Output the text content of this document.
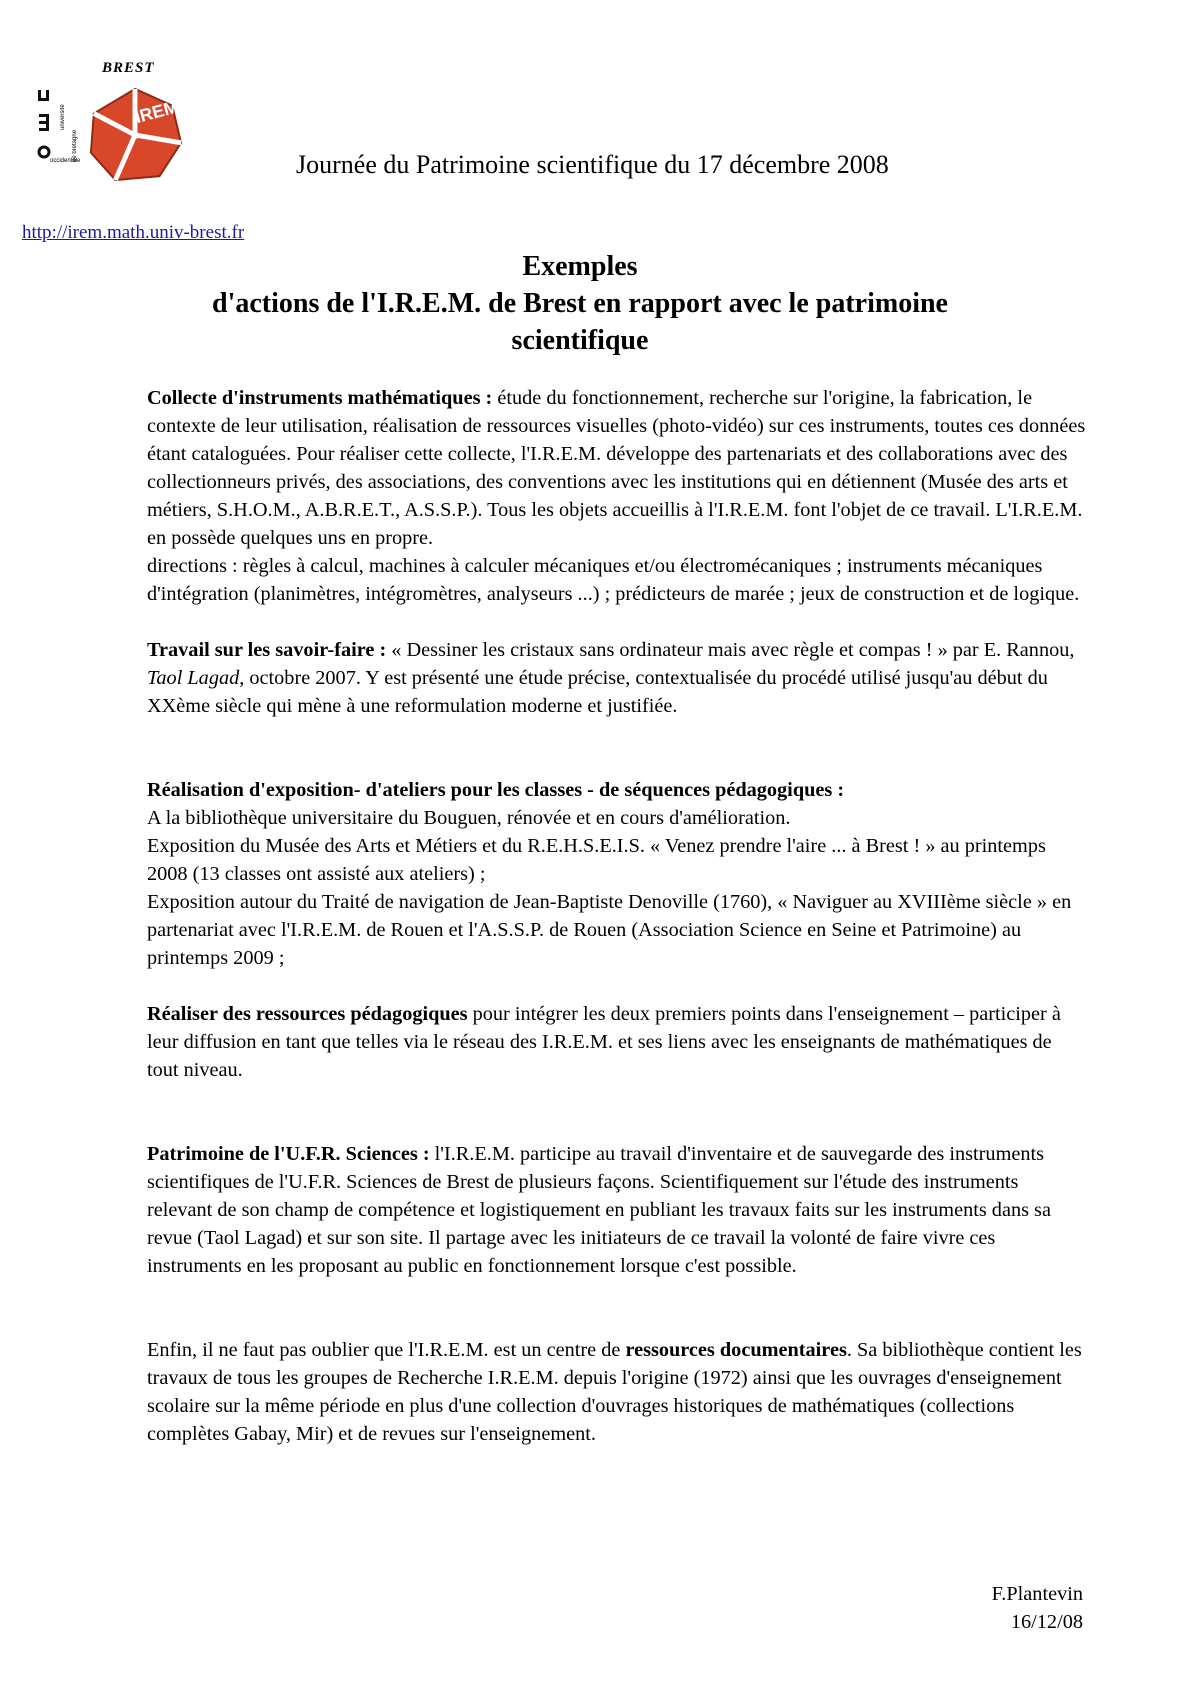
BREST
université
de bretagne
occidentale
IREM
Journée du Patrimoine scientifique du 17 décembre 2008
http://irem.math.univ-brest.fr
Exemples
d'actions de l'I.R.E.M. de Brest en rapport avec le patrimoine
scientifique

Collecte d'instruments mathématiques : étude du fonctionnement, recherche sur l'origine, la fabrication, le contexte de leur utilisation, réalisation de ressources visuelles (photo-vidéo) sur ces instruments, toutes ces données étant cataloguées. Pour réaliser cette collecte, l'I.R.E.M. développe des partenariats et des collaborations avec des collectionneurs privés, des associations, des conventions avec les institutions qui en détiennent (Musée des arts et métiers, S.H.O.M., A.B.R.E.T., A.S.S.P.). Tous les objets accueillis à l'I.R.E.M. font l'objet de ce travail. L'I.R.E.M. en possède quelques uns en propre.

directions : règles à calcul, machines à calculer mécaniques et/ou électromécaniques ; instruments mécaniques d'intégration (planimètres, intégromètres, analyseurs ...) ; prédicteurs de marée ; jeux de construction et de logique.

Travail sur les savoir-faire : « Dessiner les cristaux sans ordinateur mais avec règle et compas ! » par E. Rannou, Taol Lagad, octobre 2007. Y est présenté une étude précise, contextualisée du procédé utilisé jusqu'au début du XXème siècle qui mène à une reformulation moderne et justifiée.

Réalisation d'exposition- d'ateliers pour les classes - de séquences pédagogiques :

A la bibliothèque universitaire du Bouguen, rénovée et en cours d'amélioration.

Exposition du Musée des Arts et Métiers et du R.E.H.S.E.I.S. « Venez prendre l'aire ... à Brest ! » au printemps 2008 (13 classes ont assisté aux ateliers) ;

Exposition autour du Traité de navigation de Jean-Baptiste Denoville (1760), « Naviguer au XVIIIème siècle » en partenariat avec l'I.R.E.M. de Rouen et l'A.S.S.P. de Rouen (Association Science en Seine et Patrimoine) au printemps 2009 ;

Réaliser des ressources pédagogiques pour intégrer les deux premiers points dans l'enseignement – participer à leur diffusion en tant que telles via le réseau des I.R.E.M. et ses liens avec les enseignants de mathématiques de tout niveau.

Patrimoine de l'U.F.R. Sciences : l'I.R.E.M. participe au travail d'inventaire et de sauvegarde des instruments scientifiques de l'U.F.R. Sciences de Brest de plusieurs façons. Scientifiquement sur l'étude des instruments relevant de son champ de compétence et logistiquement en publiant les travaux faits sur les instruments dans sa revue (Taol Lagad) et sur son site. Il partage avec les initiateurs de ce travail la volonté de faire vivre ces instruments en les proposant au public en fonctionnement lorsque c'est possible.

Enfin, il ne faut pas oublier que l'I.R.E.M. est un centre de ressources documentaires. Sa bibliothèque contient les travaux de tous les groupes de Recherche I.R.E.M. depuis l'origine (1972) ainsi que les ouvrages d'enseignement scolaire sur la même période en plus d'une collection d'ouvrages historiques de mathématiques (collections complètes Gabay, Mir) et de revues sur l'enseignement.

F.Plantevin
16/12/08
